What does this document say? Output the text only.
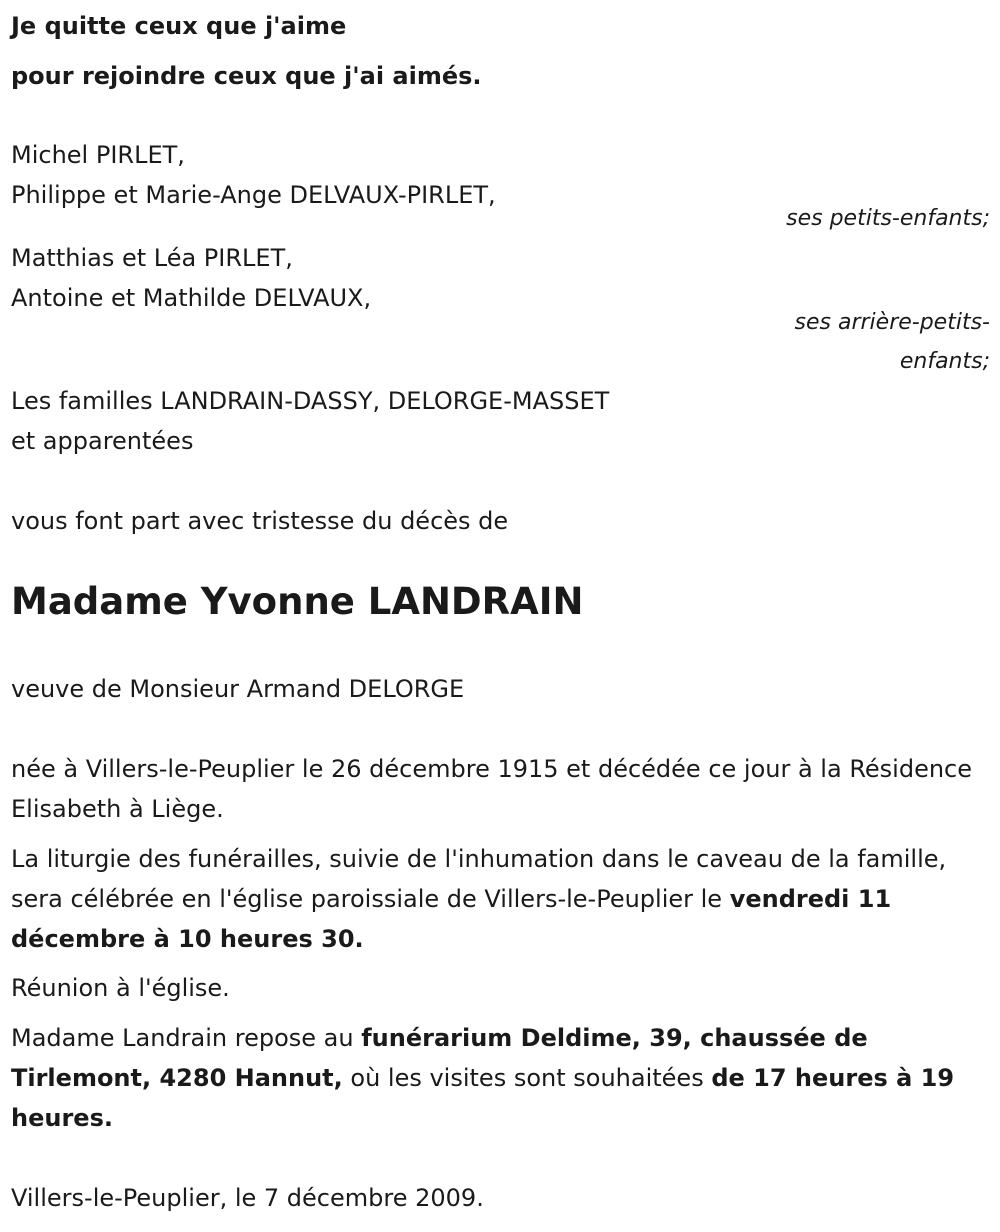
Je quitte ceux que j'aime
pour rejoindre ceux que j'ai aimés.
Michel PIRLET,
Philippe et Marie-Ange DELVAUX-PIRLET,
ses petits-enfants;
Matthias et Léa PIRLET,
Antoine et Mathilde DELVAUX,
ses arrière-petits-
enfants;
Les familles LANDRAIN-DASSY, DELORGE-MASSET
et apparentées
vous font part avec tristesse du décès de
Madame Yvonne LANDRAIN
veuve de Monsieur Armand DELORGE
née à Villers-le-Peuplier le 26 décembre 1915 et décédée ce jour à la Résidence Elisabeth à Liège.
La liturgie des funérailles, suivie de l'inhumation dans le caveau de la famille, sera célébrée en l'église paroissiale de Villers-le-Peuplier le vendredi 11 décembre à 10 heures 30.
Réunion à l'église.
Madame Landrain repose au funérarium Deldime, 39, chaussée de Tirlemont, 4280 Hannut, où les visites sont souhaitées de 17 heures à 19 heures.
Villers-le-Peuplier, le 7 décembre 2009.
